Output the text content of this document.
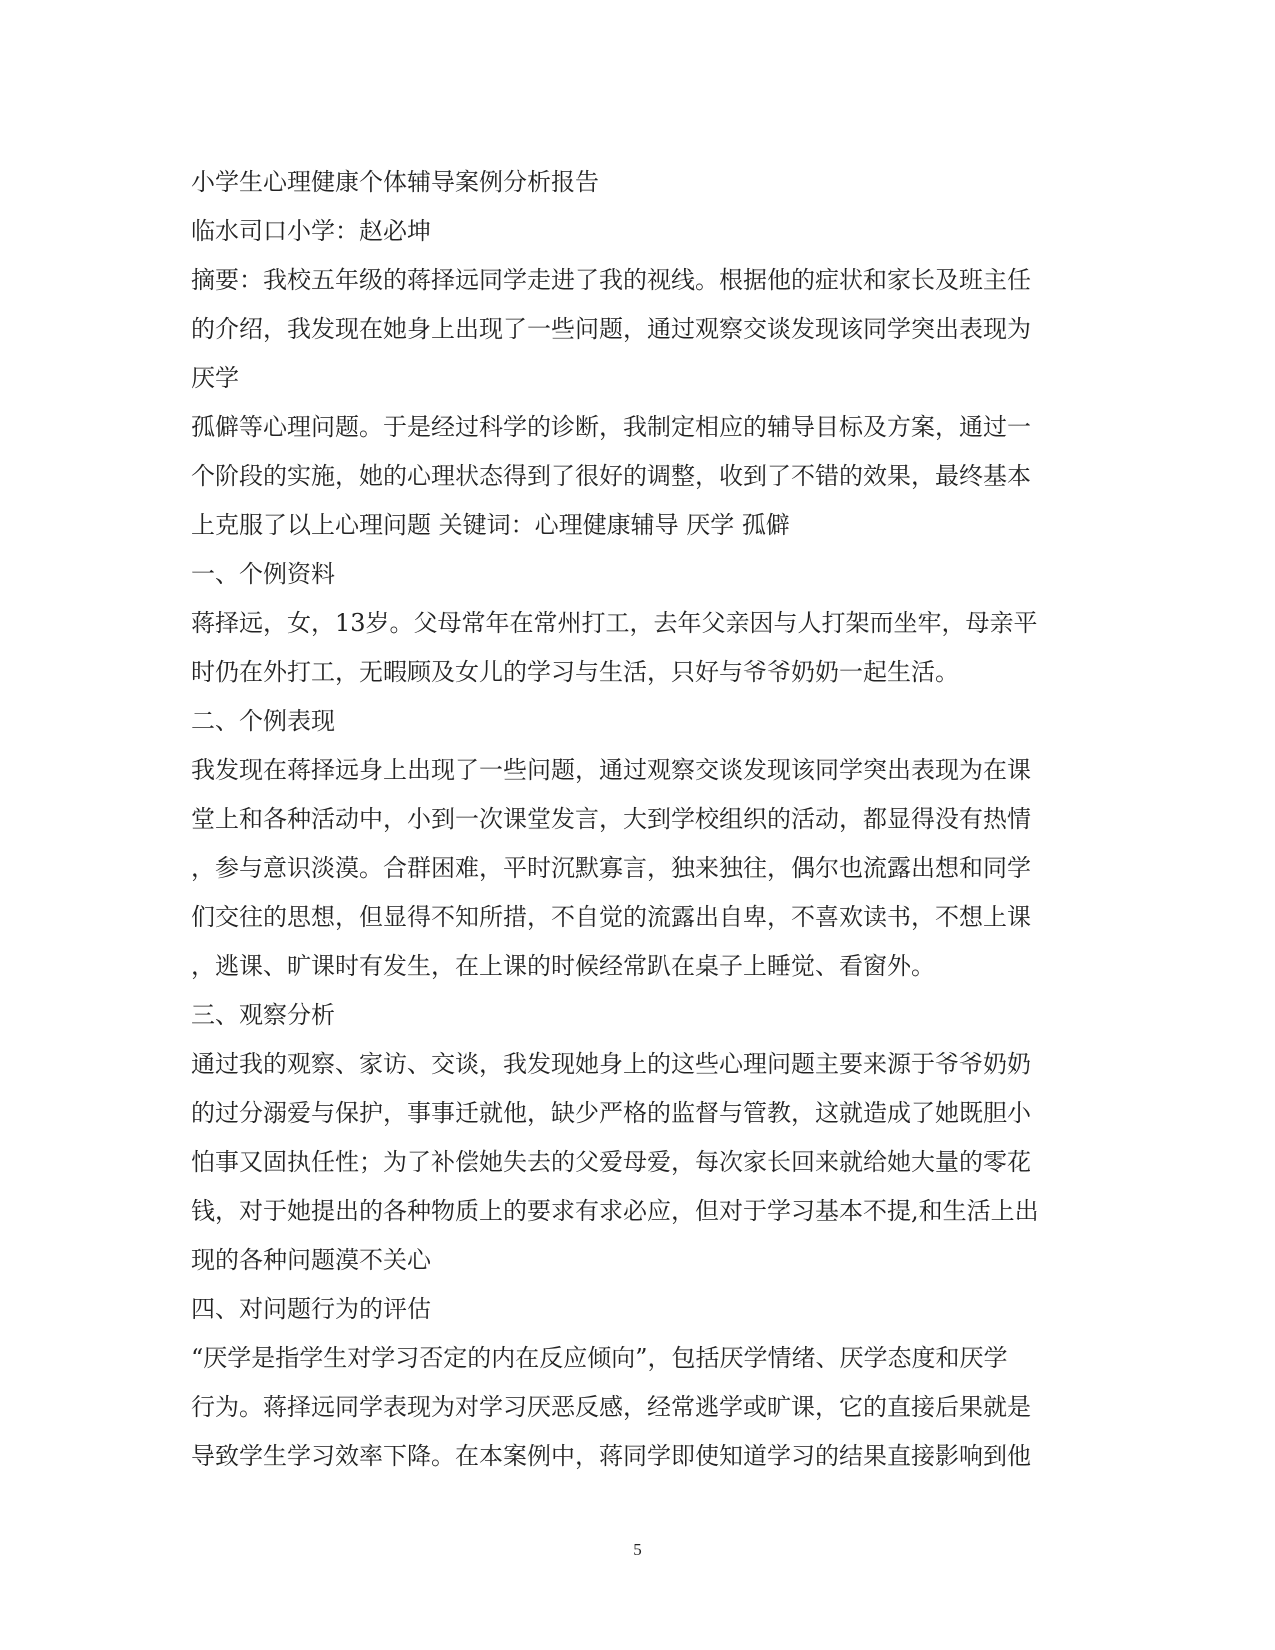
小学生心理健康个体辅导案例分析报告
临水司口小学：赵必坤
摘要：我校五年级的蒋择远同学走进了我的视线。根据他的症状和家长及班主任
的介绍，我发现在她身上出现了一些问题，通过观察交谈发现该同学突出表现为
厌学
孤僻等心理问题。于是经过科学的诊断，我制定相应的辅导目标及方案，通过一
个阶段的实施，她的心理状态得到了很好的调整，收到了不错的效果，最终基本
上克服了以上心理问题 关键词：心理健康辅导 厌学 孤僻
一、个例资料
蒋择远，女，13岁。父母常年在常州打工，去年父亲因与人打架而坐牢，母亲平
时仍在外打工，无暇顾及女儿的学习与生活，只好与爷爷奶奶一起生活。
二、个例表现
我发现在蒋择远身上出现了一些问题，通过观察交谈发现该同学突出表现为在课
堂上和各种活动中，小到一次课堂发言，大到学校组织的活动，都显得没有热情
，参与意识淡漠。合群困难，平时沉默寡言，独来独往，偶尔也流露出想和同学
们交往的思想，但显得不知所措，不自觉的流露出自卑，不喜欢读书，不想上课
，逃课、旷课时有发生，在上课的时候经常趴在桌子上睡觉、看窗外。
三、观察分析
通过我的观察、家访、交谈，我发现她身上的这些心理问题主要来源于爷爷奶奶
的过分溺爱与保护，事事迁就他，缺少严格的监督与管教，这就造成了她既胆小
怕事又固执任性；为了补偿她失去的父爱母爱，每次家长回来就给她大量的零花
钱，对于她提出的各种物质上的要求有求必应，但对于学习基本不提,和生活上出
现的各种问题漠不关心
四、对问题行为的评估
“厌学是指学生对学习否定的内在反应倾向”，包括厌学情绪、厌学态度和厌学
行为。蒋择远同学表现为对学习厌恶反感，经常逃学或旷课，它的直接后果就是
导致学生学习效率下降。在本案例中，蒋同学即使知道学习的结果直接影响到他
5
